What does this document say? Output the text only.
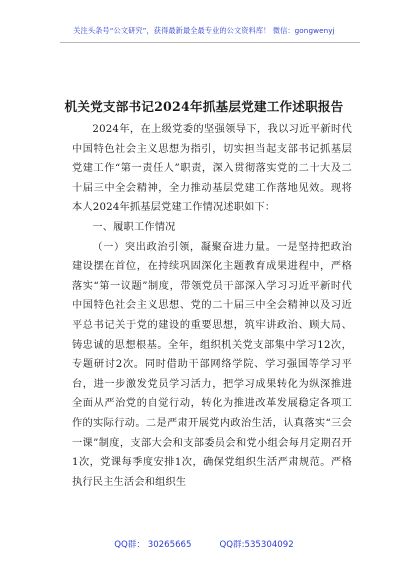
关注头条号“公文研究”，获得最新最全最专业的公文资料库！ 微信：gongwenyj
机关党支部书记2024年抓基层党建工作述职报告

2024年，在上级党委的坚强领导下，我以习近平新时代中国特色社会主义思想为指引，切实担当起支部书记抓基层党建工作“第一责任人”职责，深入贯彻落实党的二十大及二十届三中全会精神，全力推动基层党建工作落地见效。现将本人2024年抓基层党建工作情况述职如下：

一、履职工作情况

（一）突出政治引领，凝聚奋进力量。一是坚持把政治建设摆在首位，在持续巩固深化主题教育成果进程中，严格落实“第一议题”制度，带领党员干部深入学习习近平新时代中国特色社会主义思想、党的二十届三中全会精神以及习近平总书记关于党的建设的重要思想，筑牢讲政治、顾大局、铸忠诚的思想根基。全年，组织机关党支部集中学习12次，专题研讨2次。同时借助干部网络学院、学习强国等学习平台，进一步激发党员学习活力，把学习成果转化为纵深推进全面从严治党的自觉行动，转化为推进改革发展稳定各项工作的实际行动。二是严肃开展党内政治生活，认真落实“三会一课”制度，支部大会和支部委员会和党小组会每月定期召开1次，党课每季度安排1次，确保党组织生活严肃规范。严格执行民主生活会和组织生

QQ群： 30265665	QQ群:535304092
